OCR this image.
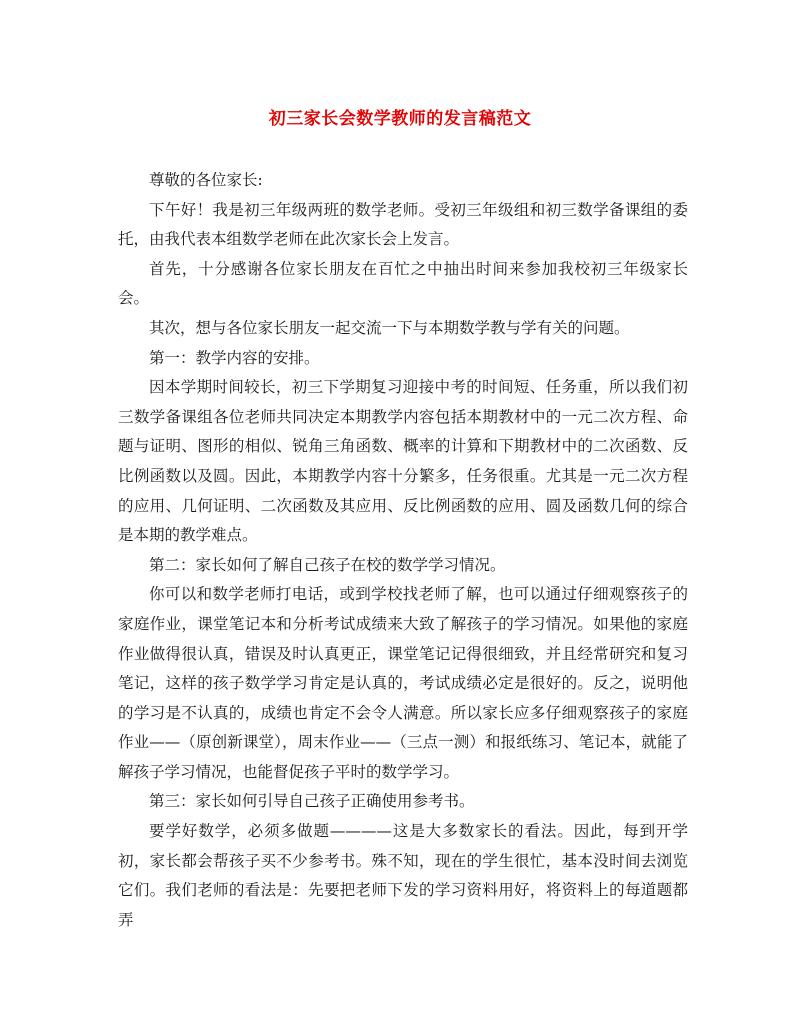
初三家长会数学教师的发言稿范文

尊敬的各位家长:

下午好！我是初三年级两班的数学老师。受初三年级组和初三数学备课组的委托，由我代表本组数学老师在此次家长会上发言。

首先，十分感谢各位家长朋友在百忙之中抽出时间来参加我校初三年级家长会。

其次，想与各位家长朋友一起交流一下与本期数学教与学有关的问题。

第一：教学内容的安排。

因本学期时间较长，初三下学期复习迎接中考的时间短、任务重，所以我们初三数学备课组各位老师共同决定本期教学内容包括本期教材中的一元二次方程、命题与证明、图形的相似、锐角三角函数、概率的计算和下期教材中的二次函数、反比例函数以及圆。因此，本期教学内容十分繁多，任务很重。尤其是一元二次方程的应用、几何证明、二次函数及其应用、反比例函数的应用、圆及函数几何的综合是本期的教学难点。

第二：家长如何了解自己孩子在校的数学学习情况。

你可以和数学老师打电话，或到学校找老师了解，也可以通过仔细观察孩子的家庭作业，课堂笔记本和分析考试成绩来大致了解孩子的学习情况。如果他的家庭作业做得很认真，错误及时认真更正，课堂笔记记得很细致，并且经常研究和复习笔记，这样的孩子数学学习肯定是认真的，考试成绩必定是很好的。反之，说明他的学习是不认真的，成绩也肯定不会令人满意。所以家长应多仔细观察孩子的家庭作业——（原创新课堂），周末作业——（三点一测）和报纸练习、笔记本，就能了解孩子学习情况，也能督促孩子平时的数学学习。

第三：家长如何引导自己孩子正确使用参考书。

要学好数学，必须多做题————这是大多数家长的看法。因此，每到开学初，家长都会帮孩子买不少参考书。殊不知，现在的学生很忙，基本没时间去浏览它们。我们老师的看法是：先要把老师下发的学习资料用好，将资料上的每道题都弄
